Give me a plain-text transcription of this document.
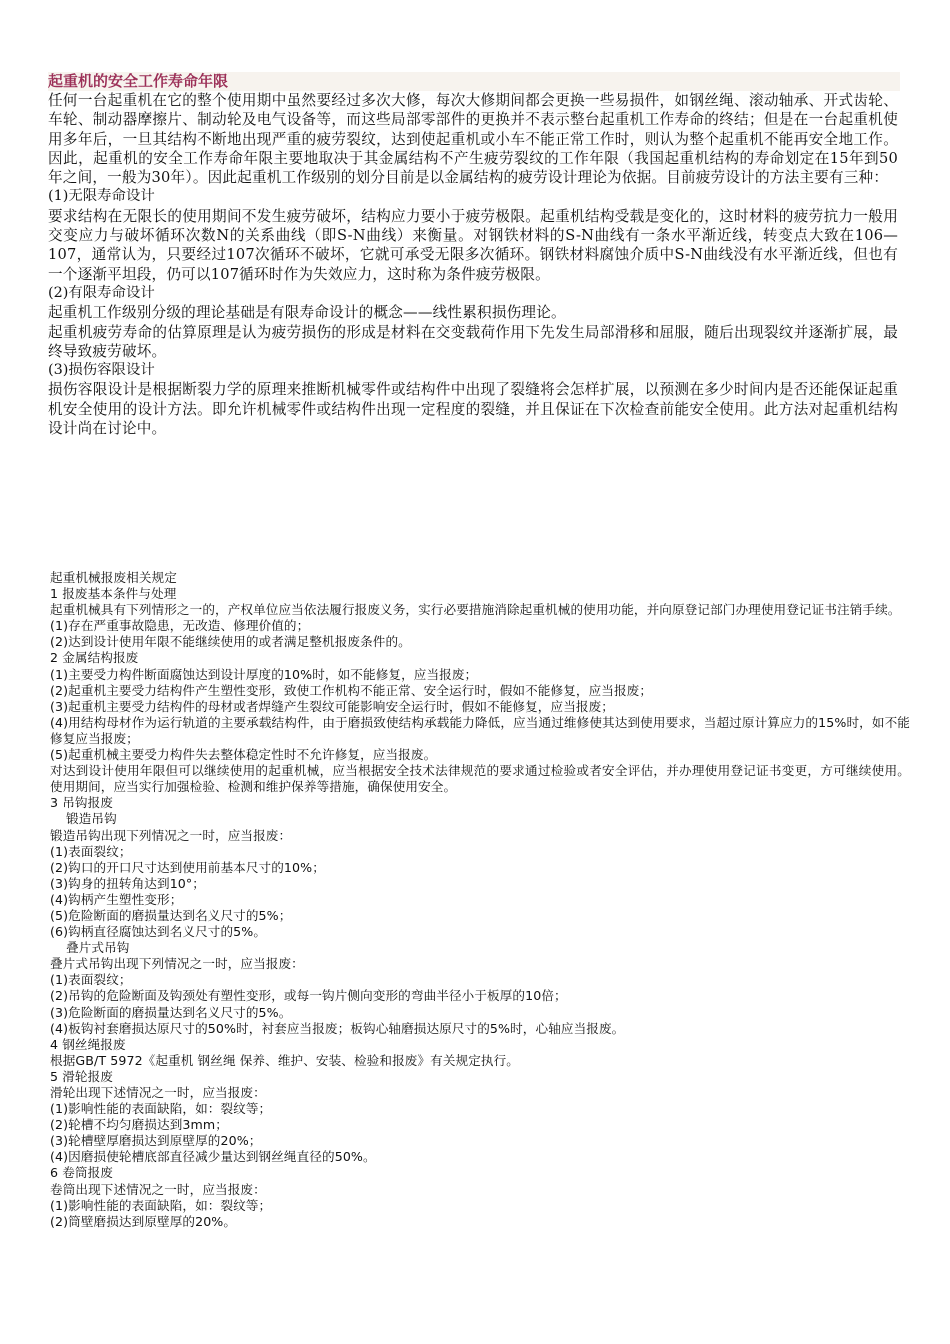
起重机的安全工作寿命年限

任何一台起重机在它的整个使用期中虽然要经过多次大修，每次大修期间都会更换一些易损件，如钢丝绳、滚动轴承、开式齿轮、车轮、制动器摩擦片、制动轮及电气设备等，而这些局部零部件的更换并不表示整台起重机工作寿命的终结；但是在一台起重机使用多年后，一旦其结构不断地出现严重的疲劳裂纹，达到使起重机或小车不能正常工作时，则认为整个起重机不能再安全地工作。因此，起重机的安全工作寿命年限主要地取决于其金属结构不产生疲劳裂纹的工作年限（我国起重机结构的寿命划定在15年到50年之间，一般为30年）。因此起重机工作级别的划分目前是以金属结构的疲劳设计理论为依据。目前疲劳设计的方法主要有三种：

(1)无限寿命设计

要求结构在无限长的使用期间不发生疲劳破坏，结构应力要小于疲劳极限。起重机结构受载是变化的，这时材料的疲劳抗力一般用交变应力与破坏循环次数N的关系曲线（即S-N曲线）来衡量。对钢铁材料的S-N曲线有一条水平渐近线，转变点大致在106—107，通常认为，只要经过107次循环不破坏，它就可承受无限多次循环。钢铁材料腐蚀介质中S-N曲线没有水平渐近线，但也有一个逐渐平坦段，仍可以107循环时作为失效应力，这时称为条件疲劳极限。

(2)有限寿命设计

起重机工作级别分级的理论基础是有限寿命设计的概念——线性累积损伤理论。

起重机疲劳寿命的估算原理是认为疲劳损伤的形成是材料在交变载荷作用下先发生局部滑移和屈服，随后出现裂纹并逐渐扩展，最终导致疲劳破坏。

(3)损伤容限设计

损伤容限设计是根据断裂力学的原理来推断机械零件或结构件中出现了裂缝将会怎样扩展，以预测在多少时间内是否还能保证起重机安全使用的设计方法。即允许机械零件或结构件出现一定程度的裂缝，并且保证在下次检查前能安全使用。此方法对起重机结构设计尚在讨论中。

起重机械报废相关规定

1 报废基本条件与处理

起重机械具有下列情形之一的，产权单位应当依法履行报废义务，实行必要措施消除起重机械的使用功能，并向原登记部门办理使用登记证书注销手续。

(1)存在严重事故隐患，无改造、修理价值的；

(2)达到设计使用年限不能继续使用的或者满足整机报废条件的。

2 金属结构报废

(1)主要受力构件断面腐蚀达到设计厚度的10%时，如不能修复，应当报废；

(2)起重机主要受力结构件产生塑性变形，致使工作机构不能正常、安全运行时，假如不能修复，应当报废；

(3)起重机主要受力结构件的母材或者焊缝产生裂纹可能影响安全运行时，假如不能修复，应当报废；

(4)用结构母材作为运行轨道的主要承载结构件，由于磨损致使结构承载能力降低，应当通过维修使其达到使用要求，当超过原计算应力的15%时，如不能修复应当报废；

(5)起重机械主要受力构件失去整体稳定性时不允许修复，应当报废。

对达到设计使用年限但可以继续使用的起重机械，应当根据安全技术法律规范的要求通过检验或者安全评估，并办理使用登记证书变更，方可继续使用。使用期间，应当实行加强检验、检测和维护保养等措施，确保使用安全。

3 吊钩报废

锻造吊钩

锻造吊钩出现下列情况之一时，应当报废：

(1)表面裂纹；

(2)钩口的开口尺寸达到使用前基本尺寸的10%；

(3)钩身的扭转角达到10°；

(4)钩柄产生塑性变形；

(5)危险断面的磨损量达到名义尺寸的5%；

(6)钩柄直径腐蚀达到名义尺寸的5%。

叠片式吊钩

叠片式吊钩出现下列情况之一时，应当报废：

(1)表面裂纹；

(2)吊钩的危险断面及钩颈处有塑性变形，或每一钩片侧向变形的弯曲半径小于板厚的10倍；

(3)危险断面的磨损量达到名义尺寸的5%。

(4)板钩衬套磨损达原尺寸的50%时，衬套应当报废；板钩心轴磨损达原尺寸的5%时，心轴应当报废。

4 钢丝绳报废

根据GB/T 5972《起重机 钢丝绳 保养、维护、安装、检验和报废》有关规定执行。

5 滑轮报废

滑轮出现下述情况之一时，应当报废：

(1)影响性能的表面缺陷，如：裂纹等；

(2)轮槽不均匀磨损达到3mm；

(3)轮槽壁厚磨损达到原壁厚的20%；

(4)因磨损使轮槽底部直径减少量达到钢丝绳直径的50%。

6 卷筒报废

卷筒出现下述情况之一时，应当报废：

(1)影响性能的表面缺陷，如：裂纹等；

(2)筒壁磨损达到原壁厚的20%。
